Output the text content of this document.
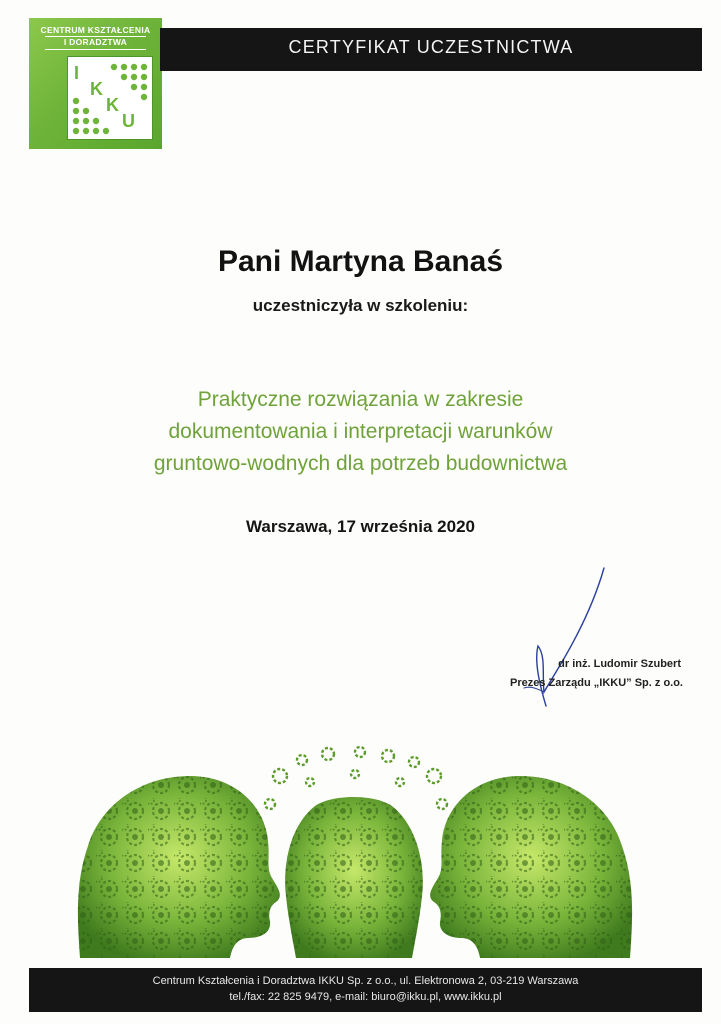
CENTRUM KSZTAŁCENIA
I DORADZTWA
I
K
K
U
CERTYFIKAT UCZESTNICTWA
Pani Martyna Banaś
uczestniczyła w szkoleniu:
Praktyczne rozwiązania w zakresie
dokumentowania i interpretacji warunków
gruntowo-wodnych dla potrzeb budownictwa
Warszawa, 17 września 2020
dr inż. Ludomir Szubert
Prezes Zarządu „IKKU” Sp. z o.o.
Centrum Kształcenia i Doradztwa IKKU Sp. z o.o., ul. Elektronowa 2, 03-219 Warszawa
tel./fax: 22 825 9479, e-mail: biuro@ikku.pl, www.ikku.pl
